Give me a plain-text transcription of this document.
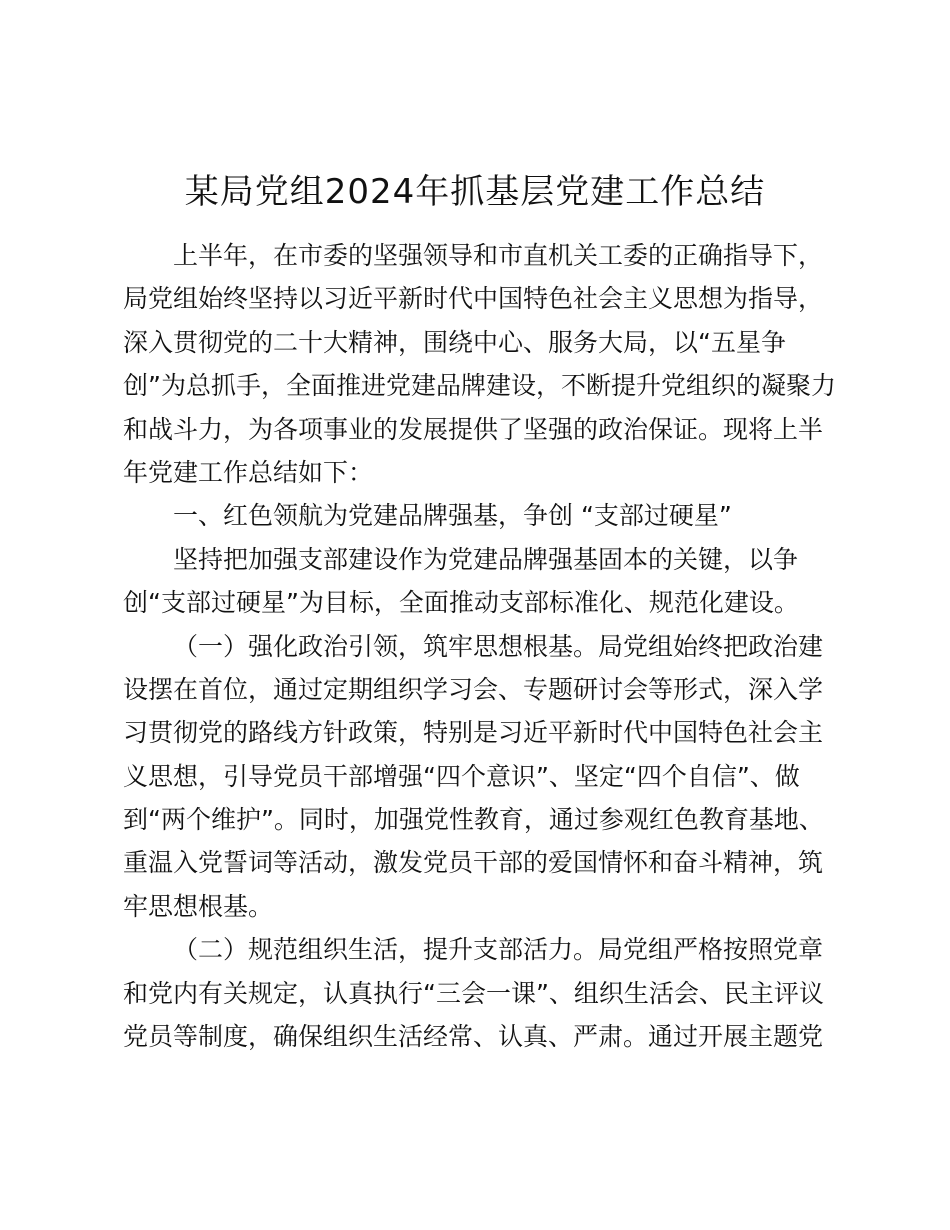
某局党组2024年抓基层党建工作总结
上半年，在市委的坚强领导和市直机关工委的正确指导下，
局党组始终坚持以习近平新时代中国特色社会主义思想为指导，
深入贯彻党的二十大精神，围绕中心、服务大局，以“五星争
创”为总抓手，全面推进党建品牌建设，不断提升党组织的凝聚力
和战斗力，为各项事业的发展提供了坚强的政治保证。现将上半
年党建工作总结如下：
一、红色领航为党建品牌强基，争创 “支部过硬星”
坚持把加强支部建设作为党建品牌强基固本的关键，以争
创“支部过硬星”为目标，全面推动支部标准化、规范化建设。
（一）强化政治引领，筑牢思想根基。局党组始终把政治建
设摆在首位，通过定期组织学习会、专题研讨会等形式，深入学
习贯彻党的路线方针政策，特别是习近平新时代中国特色社会主
义思想，引导党员干部增强“四个意识”、坚定“四个自信”、做
到“两个维护”。同时，加强党性教育，通过参观红色教育基地、
重温入党誓词等活动，激发党员干部的爱国情怀和奋斗精神，筑
牢思想根基。
（二）规范组织生活，提升支部活力。局党组严格按照党章
和党内有关规定，认真执行“三会一课”、组织生活会、民主评议
党员等制度，确保组织生活经常、认真、严肃。通过开展主题党
